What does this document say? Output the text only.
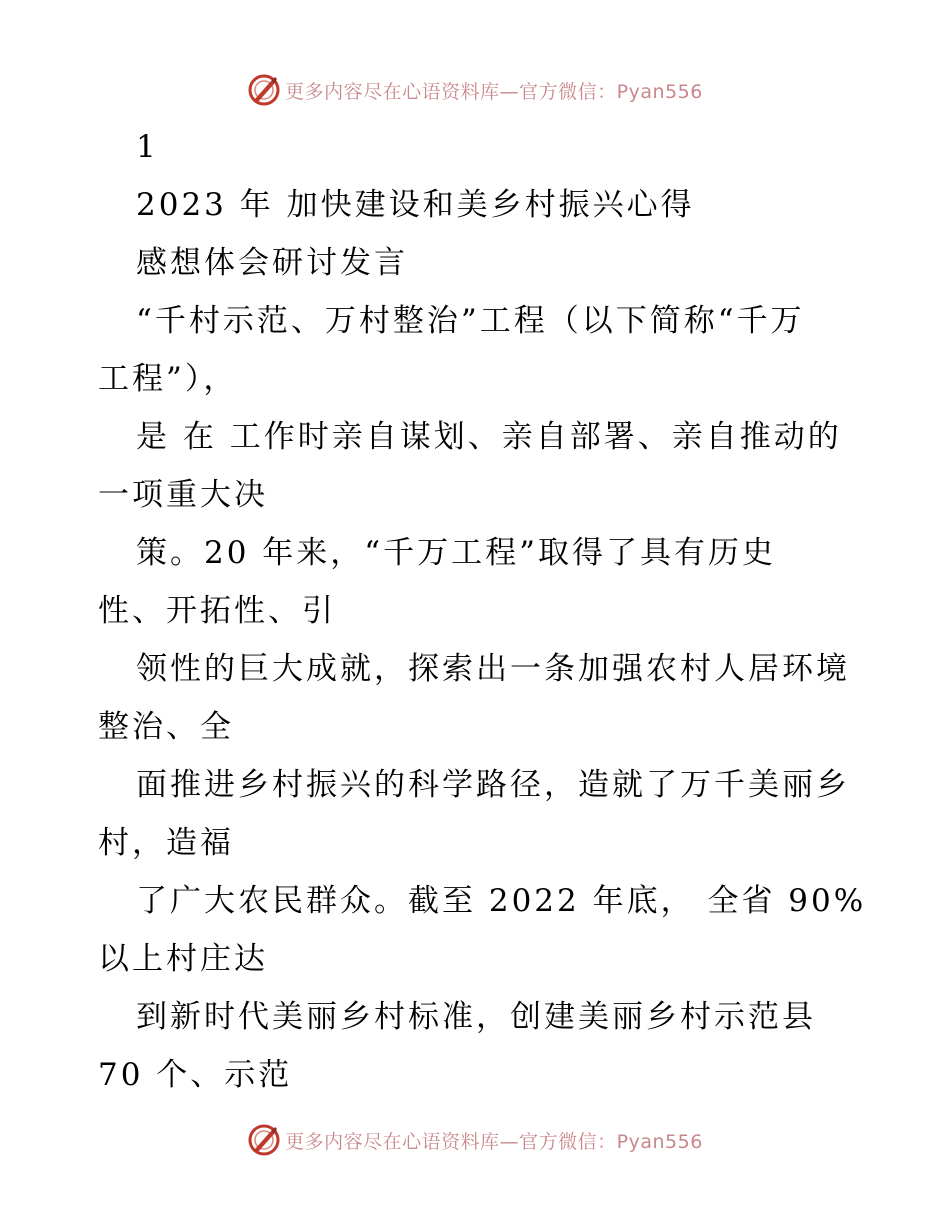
更多内容尽在心语资料库—官方微信：Pyan556
1
2023 年 加快建设和美乡村振兴心得
感想体会研讨发言
“千村示范、万村整治”工程（以下简称“千万
工程”），
是 在 工作时亲自谋划、亲自部署、亲自推动的
一项重大决
策。20 年来，“千万工程”取得了具有历史
性、开拓性、引
领性的巨大成就，探索出一条加强农村人居环境
整治、全
面推进乡村振兴的科学路径，造就了万千美丽乡
村，造福
了广大农民群众。截至 2022 年底， 全省 90%
以上村庄达
到新时代美丽乡村标准，创建美丽乡村示范县
70 个、示范
更多内容尽在心语资料库—官方微信：Pyan556
